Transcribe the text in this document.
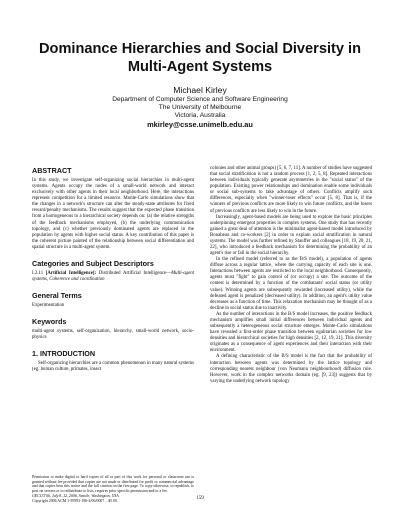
Dominance Hierarchies and Social Diversity in
Multi-Agent Systems
Michael Kirley
Department of Computer Science and Software Engineering
The University of Melbourne
Victoria, Australia
mkirley@csse.unimelb.edu.au
ABSTRACT

In this study, we investigate self-organizing social hierarchies in multi-agent systems. Agents occupy the nodes of a small-world network and interact exclusively with other agents in their local neighborhood. Here, the interactions represent competition for a limited resource. Monte-Carlo simulations show that the changes in a network's structure can alter the steady-state attributes for fixed reward/penalty mechanisms. The results suggest that the expected phase transition from a homogeneous to a hierarchical society depends on: (a) the relative strengths of the feedback mechanisms employed, (b) the underlying communication topology, and (c) whether previously dominated agents are replaced in the population by agents with higher social status. A key contribution of this paper is the coherent picture painted of the relationship between social differentiation and spatial structure in a multi-agent system.

Categories and Subject Descriptors

I.2.11 [Artificial Intelligence]: Distributed Artificial Intelligence—Multi-agent systems, Coherence and coordination

General Terms

Experimentation

Keywords

multi-agent systems, self-organization, hierarchy, small-world network, socio-physics

1. INTRODUCTION

Self-organizing hierarchies are a common phenomenon in many natural systems (eg. human culture, primates, insect

Permission to make digital or hard copies of all or part of this work for personal or classroom use is granted without fee provided that copies are not made or distributed for profit or commercial advantage and that copies bear this notice and the full citation on the first page. To copy otherwise, to republish, to post on servers or to redistribute to lists, requires prior specific permission and/or a fee.

GECCO'06, July 8–12, 2006, Seattle, Washington, USA.

Copyright 2006 ACM 1-59593-186-4/06/0007 ...$5.00.

colonies and other animal groups) [5, 6, 7, 11]. A number of studies have suggested that social stratification is not a random process [1, 2, 5, 8]. Repeated interactions between individuals typically generate asymmetries in the "social status" of the population. Existing power relationships and domination enable some individuals or social sub-systems to take advantage of others. Conflicts amplify such differences, especially when "winner-loser effects" occur [5, 8]. That is, if the winners of previous conflicts are more likely to win future conflicts, and the losers of previous conflicts are less likely to win in the future.

Increasingly, agent-based models are being used to explore the basic principles underpinning emergent properties in complex systems. One study that has recently gained a great deal of attention is the minimalist agent-based model introduced by Bonabeau and co-workers [2] in order to explain social stratification in natural systems. The model was further refined by Stauffer and colleagues [18, 19, 20, 21, 22], who introduced a feedback mechanism for determining the probability of an agent's rise or fall in the social hierarchy.

In the refined model (referred to as the B/S model), a population of agents diffuse across a regular lattice, where the carrying capacity of each site is one. Interactions between agents are restricted to the local neighborhood. Consequently, agents must "fight" to gain control of (or occupy) a site. The outcome of the contest is determined by a function of the combatants' social status (or utility value). Winning agents are subsequently rewarded (increased utility), while the defeated agent is penalized (decreased utility). In addition, an agent's utility value decreases as a function of time. This relaxation mechanism may be thought of as a decline in social status due to inactivity.

As the number of interactions in the B/S model increases, the positive feedback mechanism amplifies small initial differences between individual agents and subsequently a heterogeneous social structure emerges. Monte-Carlo simulations have revealed a first-order phase transition between egalitarian societies for low densities and hierarchical societies for high densities [2, 12, 19, 21]. This diversity originates as a consequence of agent experiences and their interaction with their environment.

A defining characteristic of the B/S model is the fact that the probability of interaction between agents was determined by the lattice topology and corresponding nearest neighbour (von Neumann neighbourhood) diffusion rule. However, work in the complex networks domain (eg. [9, 23]) suggests that by varying the underlying network topology

159
